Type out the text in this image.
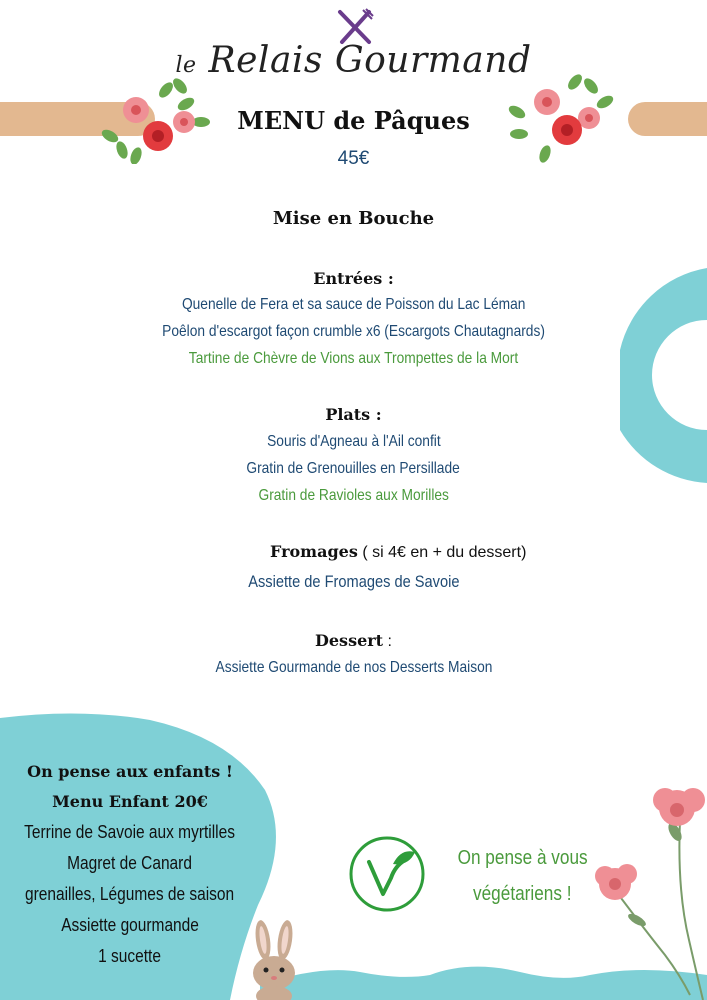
le Relais Gourmand
MENU de Pâques
45€
Mise en Bouche
Entrées :
Quenelle de Fera et sa sauce de Poisson du Lac Léman
Poêlon d'escargot façon crumble x6 (Escargots Chautagnards)
Tartine de Chèvre de Vions aux Trompettes de la Mort
Plats :
Souris d'Agneau à l'Ail confit
Gratin de Grenouilles en Persillade
Gratin de Ravioles aux Morilles
Fromages ( si 4€ en + du dessert)
Assiette de Fromages de Savoie
Dessert :
Assiette Gourmande de nos Desserts Maison
On pense aux enfants !
Menu Enfant 20€
Terrine de Savoie aux myrtilles
Magret de Canard
grenailles, Légumes de saison
Assiette gourmande
1 sucette
On pense à vous
végétariens !
